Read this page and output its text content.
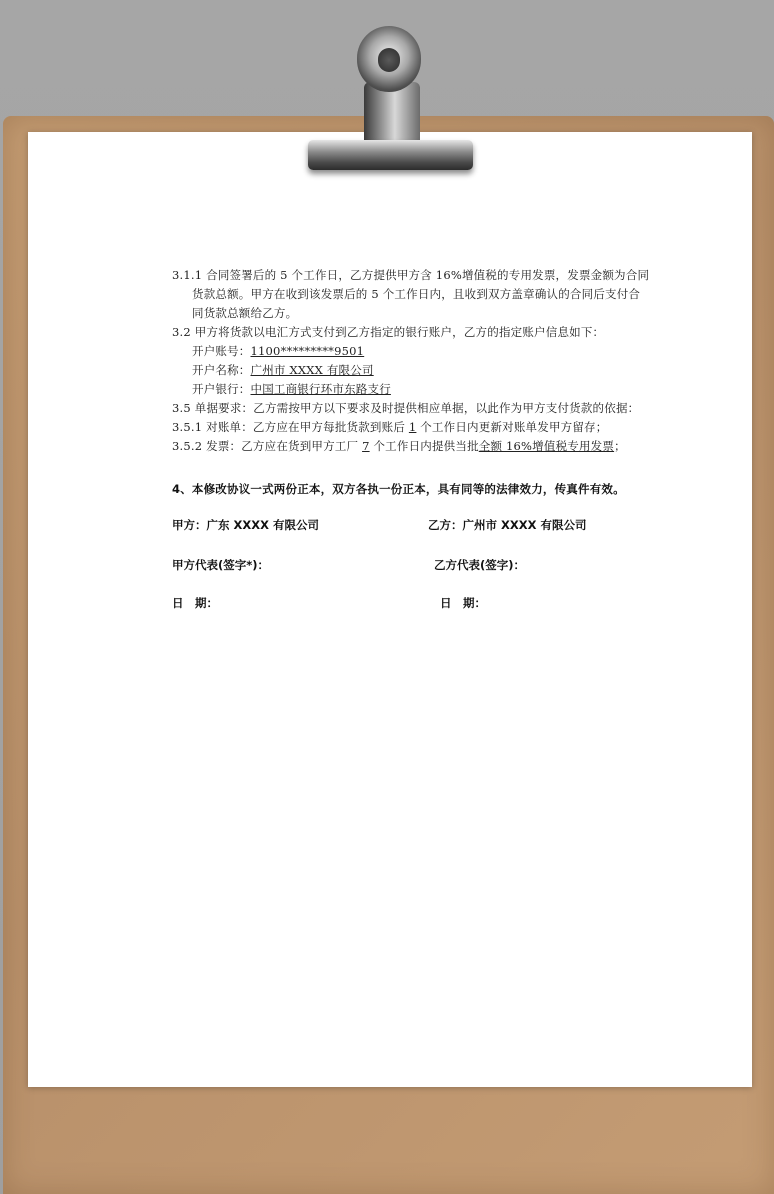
3.1.1 合同签署后的 5 个工作日，乙方提供甲方含 16%增值税的专用发票，发票金额为合同
货款总额。甲方在收到该发票后的 5 个工作日内，且收到双方盖章确认的合同后支付合
同货款总额给乙方。
3.2 甲方将货款以电汇方式支付到乙方指定的银行账户，乙方的指定账户信息如下：
开户账号：1100*********9501
开户名称：广州市 XXXX 有限公司
开户银行：中国工商银行环市东路支行
3.5 单据要求：乙方需按甲方以下要求及时提供相应单据，以此作为甲方支付货款的依据：
3.5.1 对账单：乙方应在甲方每批货款到账后 1 个工作日内更新对账单发甲方留存；
3.5.2 发票：乙方应在货到甲方工厂 7 个工作日内提供当批全额 16%增值税专用发票；
4、本修改协议一式两份正本，双方各执一份正本，具有同等的法律效力，传真件有效。
甲方：广东 XXXX 有限公司	乙方：广州市 XXXX 有限公司
甲方代表(签字*)：	乙方代表(签字)：
日　期：	日　期：
